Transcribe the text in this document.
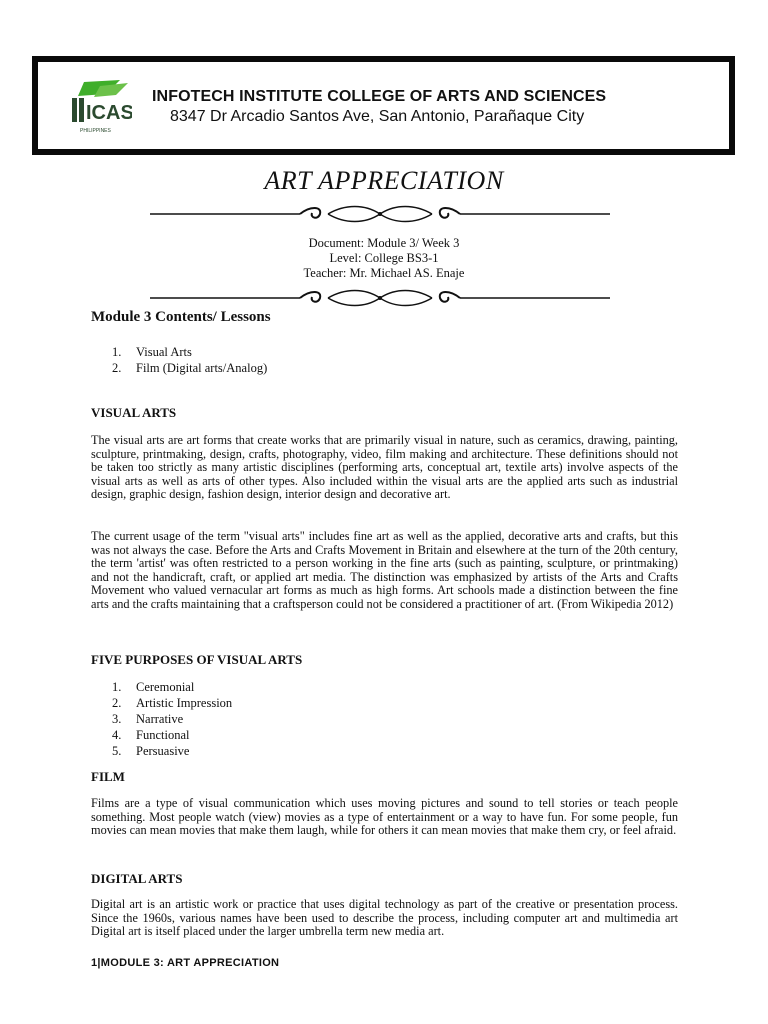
ICAS
PHILIPPINES
INFOTECH INSTITUTE COLLEGE OF ARTS AND SCIENCES
8347 Dr Arcadio Santos Ave, San Antonio, Parañaque City
ART APPRECIATION
Document: Module 3/ Week 3
Level: College BS3-1
Teacher: Mr. Michael AS. Enaje
Module 3 Contents/ Lessons
1.	Visual Arts
2.	Film (Digital arts/Analog)
VISUAL ARTS

The visual arts are art forms that create works that are primarily visual in nature, such as ceramics, drawing, painting, sculpture, printmaking, design, crafts, photography, video, film making and architecture. These definitions should not be taken too strictly as many artistic disciplines (performing arts, conceptual art, textile arts) involve aspects of the visual arts as well as arts of other types. Also included within the visual arts are the applied arts such as industrial design, graphic design, fashion design, interior design and decorative art.

The current usage of the term "visual arts" includes fine art as well as the applied, decorative arts and crafts, but this was not always the case. Before the Arts and Crafts Movement in Britain and elsewhere at the turn of the 20th century, the term 'artist' was often restricted to a person working in the fine arts (such as painting, sculpture, or printmaking) and not the handicraft, craft, or applied art media. The distinction was emphasized by artists of the Arts and Crafts Movement who valued vernacular art forms as much as high forms. Art schools made a distinction between the fine arts and the crafts maintaining that a craftsperson could not be considered a practitioner of art. (From Wikipedia 2012)

FIVE PURPOSES OF VISUAL ARTS
1.	Ceremonial
2.	Artistic Impression
3.	Narrative
4.	Functional
5.	Persuasive
FILM

Films are a type of visual communication which uses moving pictures and sound to tell stories or teach people something. Most people watch (view) movies as a type of entertainment or a way to have fun. For some people, fun movies can mean movies that make them laugh, while for others it can mean movies that make them cry, or feel afraid.

DIGITAL ARTS

Digital art is an artistic work or practice that uses digital technology as part of the creative or presentation process. Since the 1960s, various names have been used to describe the process, including computer art and multimedia art Digital art is itself placed under the larger umbrella term new media art.

1|MODULE 3: ART APPRECIATION
